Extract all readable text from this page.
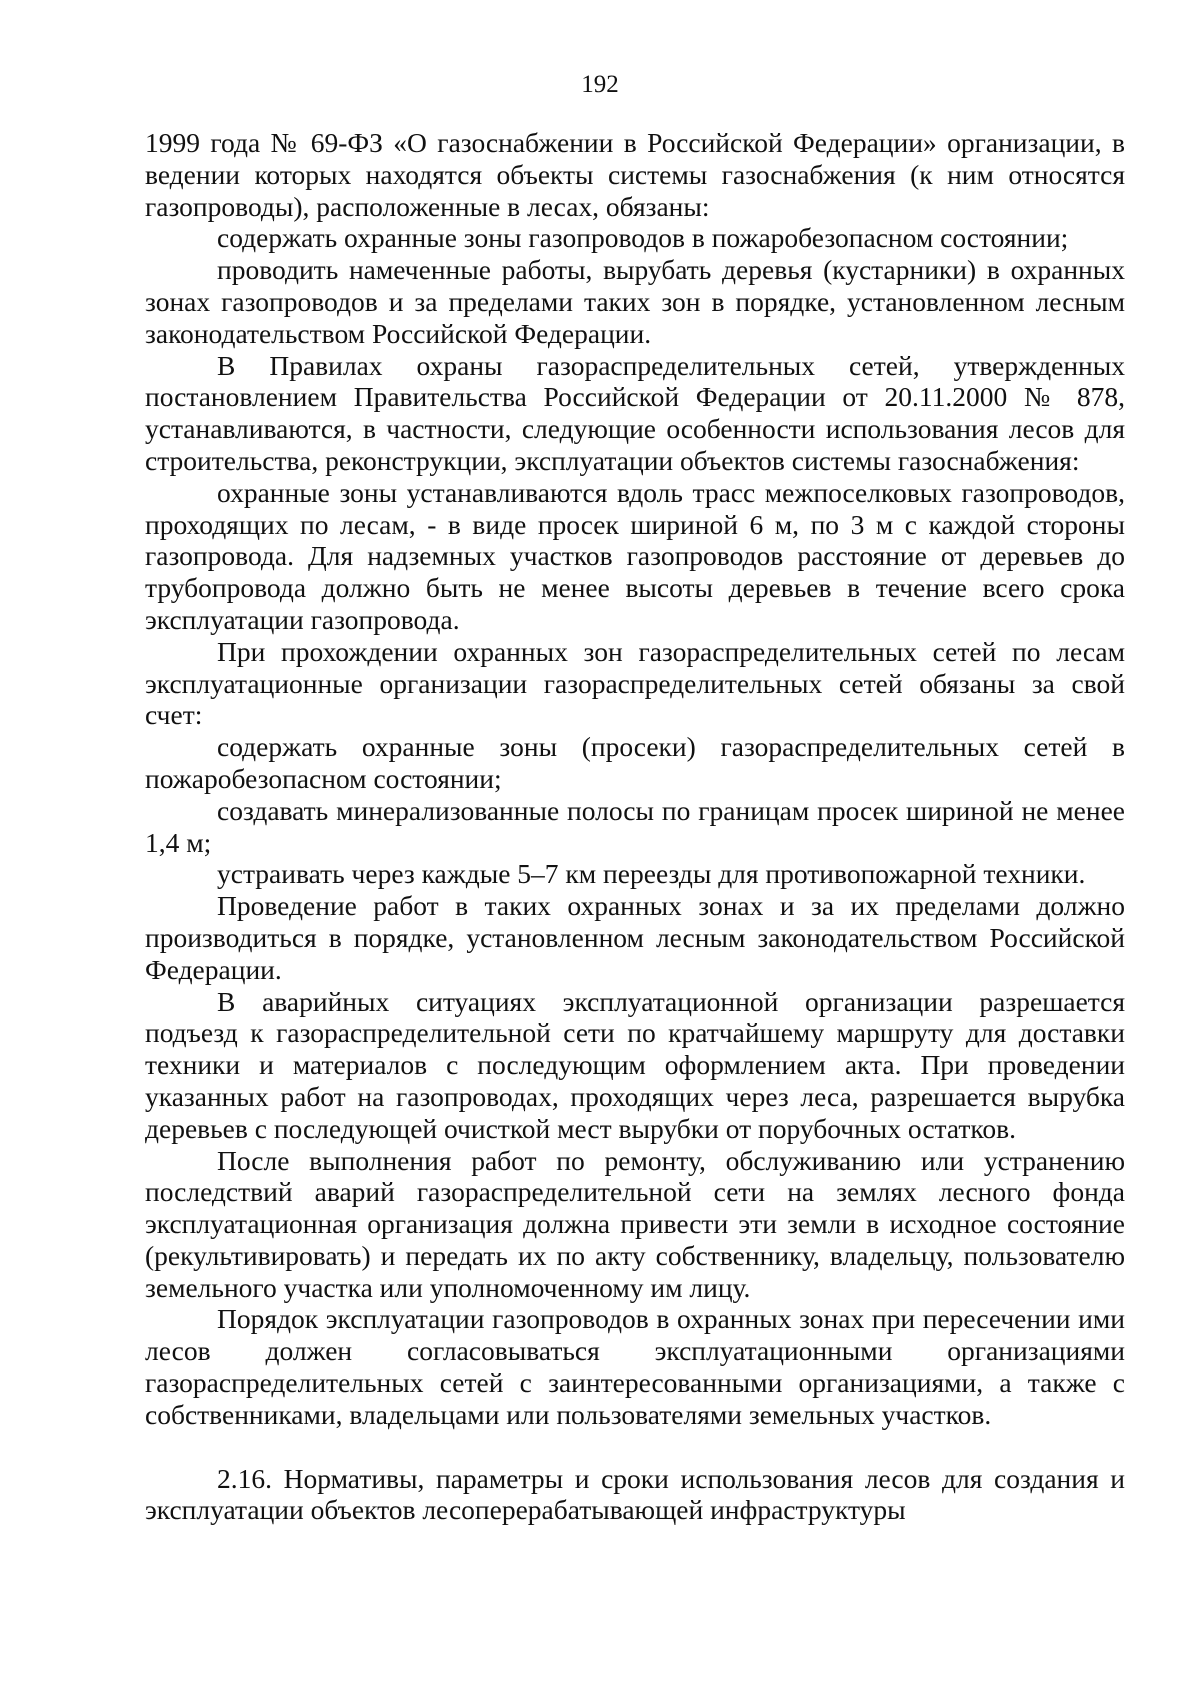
192

1999 года № 69-ФЗ «О газоснабжении в Российской Федерации» организации, в ведении которых находятся объекты системы газоснабжения (к ним относятся газопроводы), расположенные в лесах, обязаны:

содержать охранные зоны газопроводов в пожаробезопасном состоянии;

проводить намеченные работы, вырубать деревья (кустарники) в охранных зонах газопроводов и за пределами таких зон в порядке, установленном лесным законодательством Российской Федерации.

В Правилах охраны газораспределительных сетей, утвержденных постановлением Правительства Российской Федерации от 20.11.2000 № 878, устанавливаются, в частности, следующие особенности использования лесов для строительства, реконструкции, эксплуатации объектов системы газоснабжения:

охранные зоны устанавливаются вдоль трасс межпоселковых газопроводов, проходящих по лесам, - в виде просек шириной 6 м, по 3 м с каждой стороны газопровода. Для надземных участков газопроводов расстояние от деревьев до трубопровода должно быть не менее высоты деревьев в течение всего срока эксплуатации газопровода.

При прохождении охранных зон газораспределительных сетей по лесам эксплуатационные организации газораспределительных сетей обязаны за свой счет:

содержать охранные зоны (просеки) газораспределительных сетей в пожаробезопасном состоянии;

создавать минерализованные полосы по границам просек шириной не менее 1,4 м;

устраивать через каждые 5–7 км переезды для противопожарной техники.

Проведение работ в таких охранных зонах и за их пределами должно производиться в порядке, установленном лесным законодательством Российской Федерации.

В аварийных ситуациях эксплуатационной организации разрешается подъезд к газораспределительной сети по кратчайшему маршруту для доставки техники и материалов с последующим оформлением акта. При проведении указанных работ на газопроводах, проходящих через леса, разрешается вырубка деревьев с последующей очисткой мест вырубки от порубочных остатков.

После выполнения работ по ремонту, обслуживанию или устранению последствий аварий газораспределительной сети на землях лесного фонда эксплуатационная организация должна привести эти земли в исходное состояние (рекультивировать) и передать их по акту собственнику, владельцу, пользователю земельного участка или уполномоченному им лицу.

Порядок эксплуатации газопроводов в охранных зонах при пересечении ими лесов должен согласовываться эксплуатационными организациями газораспределительных сетей с заинтересованными организациями, а также с собственниками, владельцами или пользователями земельных участков.

2.16. Нормативы, параметры и сроки использования лесов для создания и эксплуатации объектов лесоперерабатывающей инфраструктуры
